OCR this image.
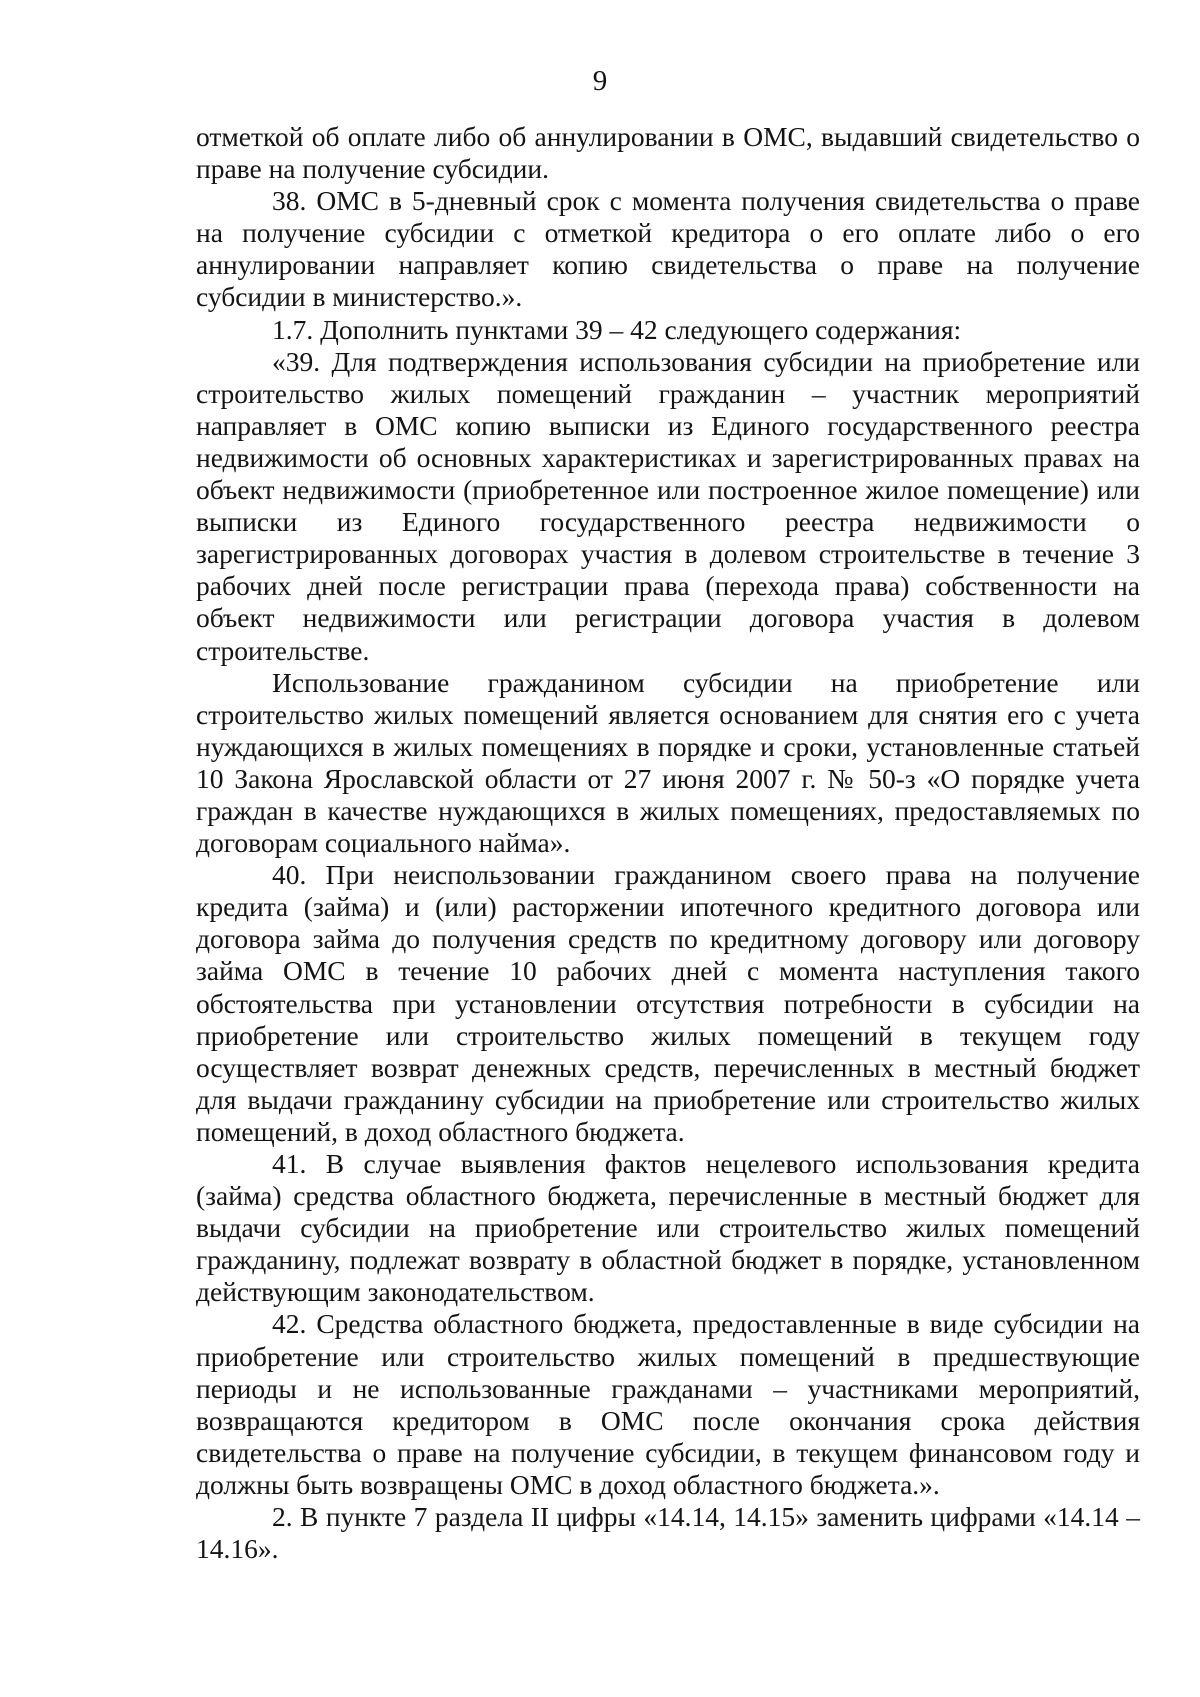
9

отметкой об оплате либо об аннулировании в ОМС, выдавший свидетельство о праве на получение субсидии.

38. ОМС в 5-дневный срок с момента получения свидетельства о праве на получение субсидии с отметкой кредитора о его оплате либо о его аннулировании направляет копию свидетельства о праве на получение субсидии в министерство.».

1.7. Дополнить пунктами 39 – 42 следующего содержания:

«39. Для подтверждения использования субсидии на приобретение или строительство жилых помещений гражданин – участник мероприятий направляет в ОМС копию выписки из Единого государственного реестра недвижимости об основных характеристиках и зарегистрированных правах на объект недвижимости (приобретенное или построенное жилое помещение) или выписки из Единого государственного реестра недвижимости о зарегистрированных договорах участия в долевом строительстве в течение 3 рабочих дней после регистрации права (перехода права) собственности на объект недвижимости или регистрации договора участия в долевом строительстве.

Использование гражданином субсидии на приобретение или строительство жилых помещений является основанием для снятия его с учета нуждающихся в жилых помещениях в порядке и сроки, установленные статьей 10 Закона Ярославской области от 27 июня 2007 г. № 50-з «О порядке учета граждан в качестве нуждающихся в жилых помещениях, предоставляемых по договорам социального найма».

40. При неиспользовании гражданином своего права на получение кредита (займа) и (или) расторжении ипотечного кредитного договора или договора займа до получения средств по кредитному договору или договору займа ОМС в течение 10 рабочих дней с момента наступления такого обстоятельства при установлении отсутствия потребности в субсидии на приобретение или строительство жилых помещений в текущем году осуществляет возврат денежных средств, перечисленных в местный бюджет для выдачи гражданину субсидии на приобретение или строительство жилых помещений, в доход областного бюджета.

41. В случае выявления фактов нецелевого использования кредита (займа) средства областного бюджета, перечисленные в местный бюджет для выдачи субсидии на приобретение или строительство жилых помещений гражданину, подлежат возврату в областной бюджет в порядке, установленном действующим законодательством.

42. Средства областного бюджета, предоставленные в виде субсидии на приобретение или строительство жилых помещений в предшествующие периоды и не использованные гражданами – участниками мероприятий, возвращаются кредитором в ОМС после окончания срока действия свидетельства о праве на получение субсидии, в текущем финансовом году и должны быть возвращены ОМС в доход областного бюджета.».

2. В пункте 7 раздела II цифры «14.14, 14.15» заменить цифрами «14.14 – 14.16».
